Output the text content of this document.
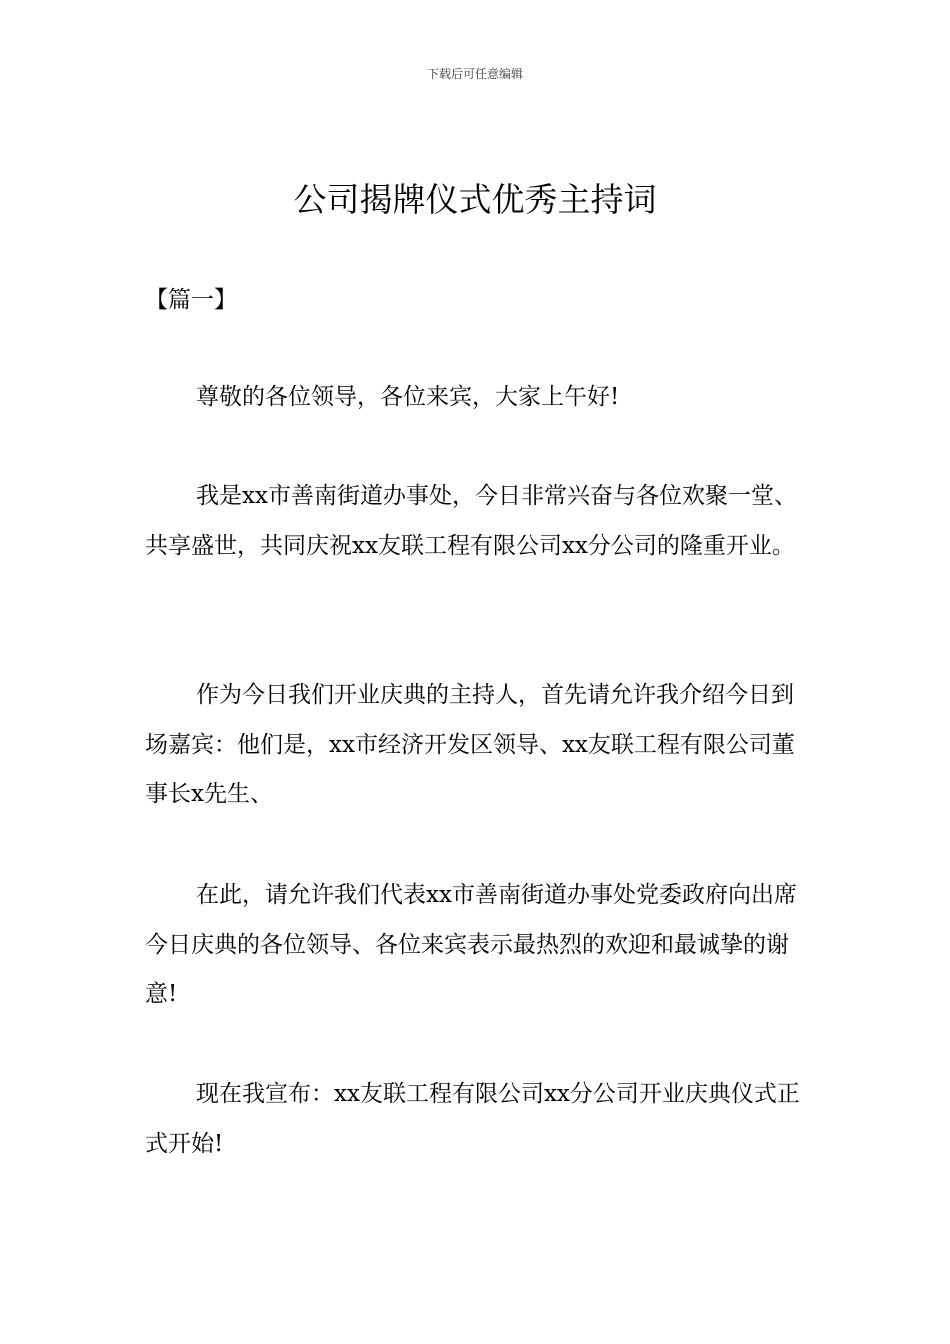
下载后可任意编辑
公司揭牌仪式优秀主持词
【篇一】

尊敬的各位领导，各位来宾，大家上午好!

我是xx市善南街道办事处，今日非常兴奋与各位欢聚一堂、共享盛世，共同庆祝xx友联工程有限公司xx分公司的隆重开业。

作为今日我们开业庆典的主持人，首先请允许我介绍今日到场嘉宾：他们是，xx市经济开发区领导、xx友联工程有限公司董事长x先生、

在此，请允许我们代表xx市善南街道办事处党委政府向出席今日庆典的各位领导、各位来宾表示最热烈的欢迎和最诚挚的谢意!

现在我宣布：xx友联工程有限公司xx分公司开业庆典仪式正式开始!
